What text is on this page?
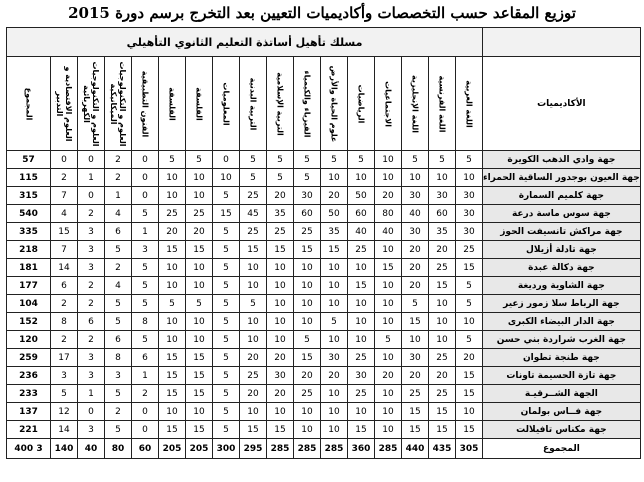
توزيع المقاعد حسب التخصصات وأكاديميات التعيين بعد التخرج برسم دورة 2015
	مسلك تأهيل أساتذة التعليم الثانوي التأهيلي																
الأكاديميات	اللغة العربية	اللغة الفرنسية	اللغة الإنجليزية	الاجتماعيات	الرياضيات	علوم الحياة والأرض	الفيزياء والكيمياء	التربية الإسلامية	التربية البدنية	المعلوميات	الفلسفة	الفلسفة	الفنون التطبيقية	العلوم و التكنولوجيات الميكانيكية	العلوم و التكنولوجيات الكهربائية	العلوم الاقتصادية و التدبير	المجموع

جهة وادي الذهب الكويرة	5	5	5	10	5	5	5	5	5	0	5	5	0	2	0	0	57
جهة العيون بوجدور الساقية الحمراء	10	10	10	10	10	10	5	5	5	10	10	10	0	2	1	2	115
جهة كلميم السمارة	30	30	30	20	50	20	30	20	25	5	10	10	0	1	0	7	315
جهة سوس ماسة درعة	30	60	40	80	60	50	60	35	45	15	25	25	5	4	2	4	540
جهة مراكش تانسيفت الحوز	30	35	30	40	40	35	25	25	25	5	20	20	1	6	3	15	335
جهة تادلة أزيلال	25	20	20	10	25	15	15	15	15	5	15	15	3	5	3	7	218
جهة دكالة عبدة	15	25	20	15	10	10	10	10	10	5	10	10	5	2	3	14	181
جهة الشاوية ورديغة	5	15	20	10	15	10	10	10	10	5	10	10	5	4	2	6	177
جهة الرباط سلا زمور زعير	5	10	5	10	10	10	10	10	5	5	5	5	5	5	2	2	104
جهة الدار البيضاء الكبرى	10	10	15	10	10	5	10	10	10	5	10	10	8	5	6	8	152
جهة الغرب شراردة بني حسن	5	10	10	5	10	10	5	10	10	5	10	10	5	6	2	2	120
جهة طنجة تطوان	20	25	30	10	25	30	15	20	20	5	15	15	6	8	3	17	259
جهة تازة الحسيمة تاونات	15	20	20	20	30	20	20	30	25	5	15	15	1	3	3	3	236
الجهة الشــرقيـة	15	25	25	10	25	10	25	20	20	5	15	15	2	5	1	5	233
جهة فــاس بولمان	10	15	15	10	10	10	10	10	10	5	10	10	0	2	0	12	137
جهة مكناس تافيلالت	15	15	15	10	15	10	10	15	15	5	15	15	0	5	3	14	221
المجموع	305	435	440	285	360	285	285	285	295	300	205	205	60	80	40	140	3 400
